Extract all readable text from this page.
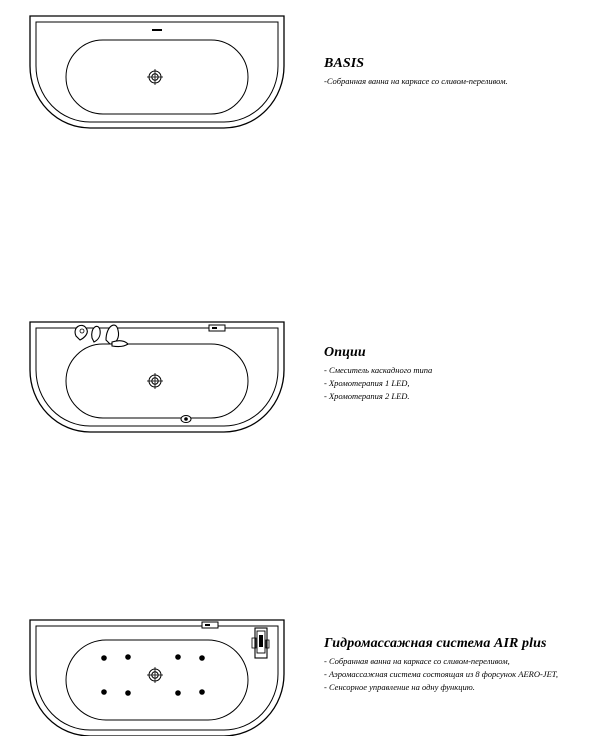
BASIS
-Собранная ванна на каркасе со сливом-переливом.
Опции
- Смеситель каскадного типа
- Хромотерапия 1 LED,
- Хромотерапия 2 LED.
Гидромассажная система AIR plus
- Собранная ванна на каркасе со сливом-переливом,
- Аэромассажная система состоящая из 8 форсунок AERO-JET,
- Сенсорное управление на одну функцию.
